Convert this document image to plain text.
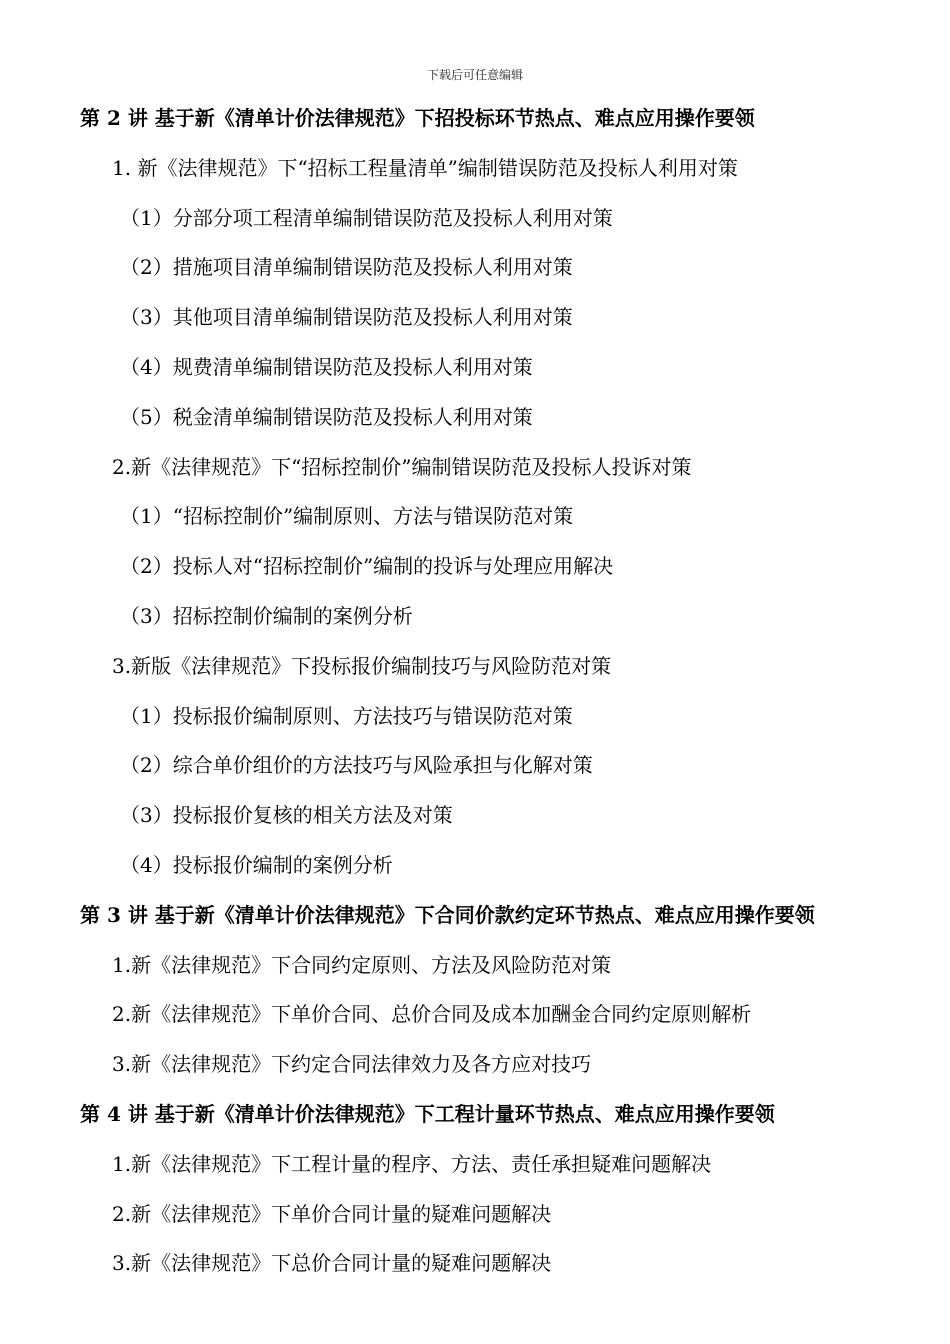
下载后可任意编辑
第 2 讲 基于新《清单计价法律规范》下招投标环节热点、难点应用操作要领
1. 新《法律规范》下“招标工程量清单”编制错误防范及投标人利用对策
（1）分部分项工程清单编制错误防范及投标人利用对策
（2）措施项目清单编制错误防范及投标人利用对策
（3）其他项目清单编制错误防范及投标人利用对策
（4）规费清单编制错误防范及投标人利用对策
（5）税金清单编制错误防范及投标人利用对策
2.新《法律规范》下“招标控制价”编制错误防范及投标人投诉对策
（1）“招标控制价”编制原则、方法与错误防范对策
（2）投标人对“招标控制价”编制的投诉与处理应用解决
（3）招标控制价编制的案例分析
3.新版《法律规范》下投标报价编制技巧与风险防范对策
（1）投标报价编制原则、方法技巧与错误防范对策
（2）综合单价组价的方法技巧与风险承担与化解对策
（3）投标报价复核的相关方法及对策
（4）投标报价编制的案例分析
第 3 讲 基于新《清单计价法律规范》下合同价款约定环节热点、难点应用操作要领
1.新《法律规范》下合同约定原则、方法及风险防范对策
2.新《法律规范》下单价合同、总价合同及成本加酬金合同约定原则解析
3.新《法律规范》下约定合同法律效力及各方应对技巧
第 4 讲 基于新《清单计价法律规范》下工程计量环节热点、难点应用操作要领
1.新《法律规范》下工程计量的程序、方法、责任承担疑难问题解决
2.新《法律规范》下单价合同计量的疑难问题解决
3.新《法律规范》下总价合同计量的疑难问题解决
